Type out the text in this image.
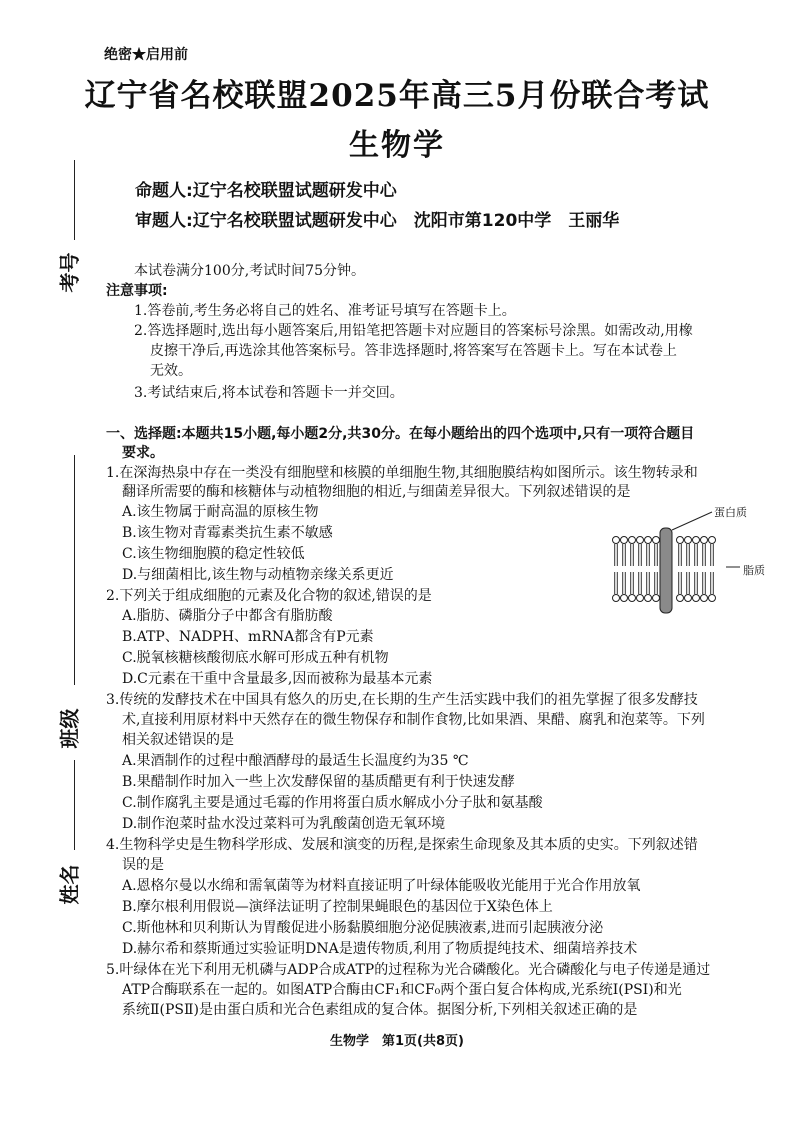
绝密★启用前
辽宁省名校联盟2025年高三5月份联合考试
生物学
命题人:辽宁名校联盟试题研发中心
审题人:辽宁名校联盟试题研发中心　沈阳市第120中学　王丽华
考号
班级
姓名
本试卷满分100分,考试时间75分钟。
注意事项:
1.答卷前,考生务必将自己的姓名、准考证号填写在答题卡上。
2.答选择题时,选出每小题答案后,用铅笔把答题卡对应题目的答案标号涂黑。如需改动,用橡
皮擦干净后,再选涂其他答案标号。答非选择题时,将答案写在答题卡上。写在本试卷上
无效。
3.考试结束后,将本试卷和答题卡一并交回。
一、选择题:本题共15小题,每小题2分,共30分。在每小题给出的四个选项中,只有一项符合题目
要求。
1.在深海热泉中存在一类没有细胞壁和核膜的单细胞生物,其细胞膜结构如图所示。该生物转录和
翻译所需要的酶和核糖体与动植物细胞的相近,与细菌差异很大。下列叙述错误的是
A.该生物属于耐高温的原核生物
B.该生物对青霉素类抗生素不敏感
C.该生物细胞膜的稳定性较低
D.与细菌相比,该生物与动植物亲缘关系更近
蛋白质
脂质
2.下列关于组成细胞的元素及化合物的叙述,错误的是
A.脂肪、磷脂分子中都含有脂肪酸
B.ATP、NADPH、mRNA都含有P元素
C.脱氧核糖核酸彻底水解可形成五种有机物
D.C元素在干重中含量最多,因而被称为最基本元素
3.传统的发酵技术在中国具有悠久的历史,在长期的生产生活实践中我们的祖先掌握了很多发酵技
术,直接利用原材料中天然存在的微生物保存和制作食物,比如果酒、果醋、腐乳和泡菜等。下列
相关叙述错误的是
A.果酒制作的过程中酿酒酵母的最适生长温度约为35 ℃
B.果醋制作时加入一些上次发酵保留的基质醋更有利于快速发酵
C.制作腐乳主要是通过毛霉的作用将蛋白质水解成小分子肽和氨基酸
D.制作泡菜时盐水没过菜料可为乳酸菌创造无氧环境
4.生物科学史是生物科学形成、发展和演变的历程,是探索生命现象及其本质的史实。下列叙述错
误的是
A.恩格尔曼以水绵和需氧菌等为材料直接证明了叶绿体能吸收光能用于光合作用放氧
B.摩尔根利用假说—演绎法证明了控制果蝇眼色的基因位于X染色体上
C.斯他林和贝利斯认为胃酸促进小肠黏膜细胞分泌促胰液素,进而引起胰液分泌
D.赫尔希和蔡斯通过实验证明DNA是遗传物质,利用了物质提纯技术、细菌培养技术
5.叶绿体在光下利用无机磷与ADP合成ATP的过程称为光合磷酸化。光合磷酸化与电子传递是通过
ATP合酶联系在一起的。如图ATP合酶由CF₁和CF₀两个蛋白复合体构成,光系统Ⅰ(PSⅠ)和光
系统Ⅱ(PSⅡ)是由蛋白质和光合色素组成的复合体。据图分析,下列相关叙述正确的是
生物学　第1页(共8页)
